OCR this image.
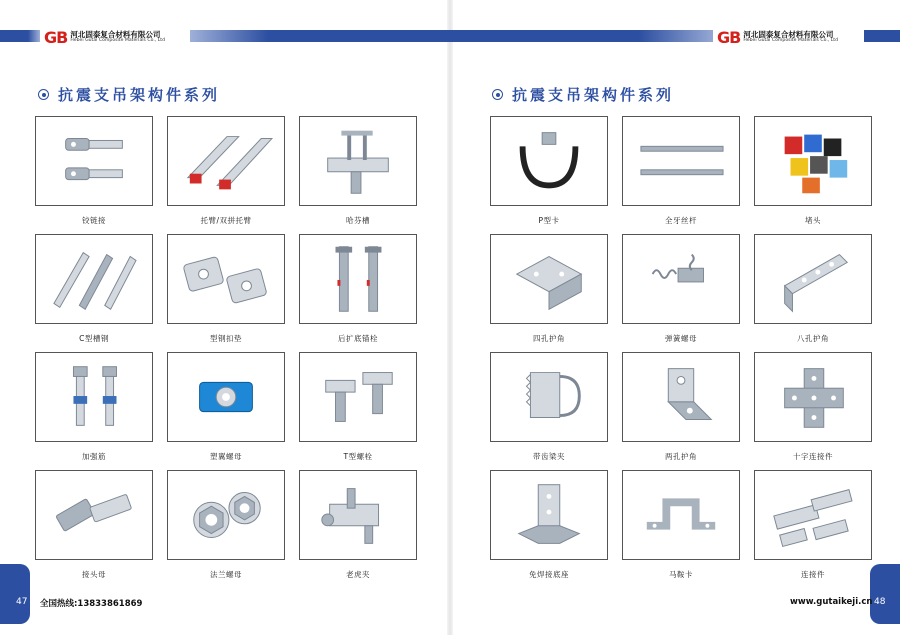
GB 河北固泰复合材料有限公司
Hebei Gutai Composite Materials Co., Ltd
抗震支吊架构件系列
铰链接	托臂/双拼托臂	哈芬槽
C型槽钢	型钢扣垫	后扩底锚栓
加强筋	塑翼螺母	T型螺栓
接头母	法兰螺母	老虎夹
47 全国热线:13833861869
GB 河北固泰复合材料有限公司
Hebei Gutai Composite Materials Co., Ltd
抗震支吊架构件系列
P型卡	全牙丝杆	堵头
四孔护角	弹簧螺母	八孔护角
带齿梁夹	两孔护角	十字连接件
免焊接底座	马鞍卡	连接件
48
www.gutaikeji.cn
